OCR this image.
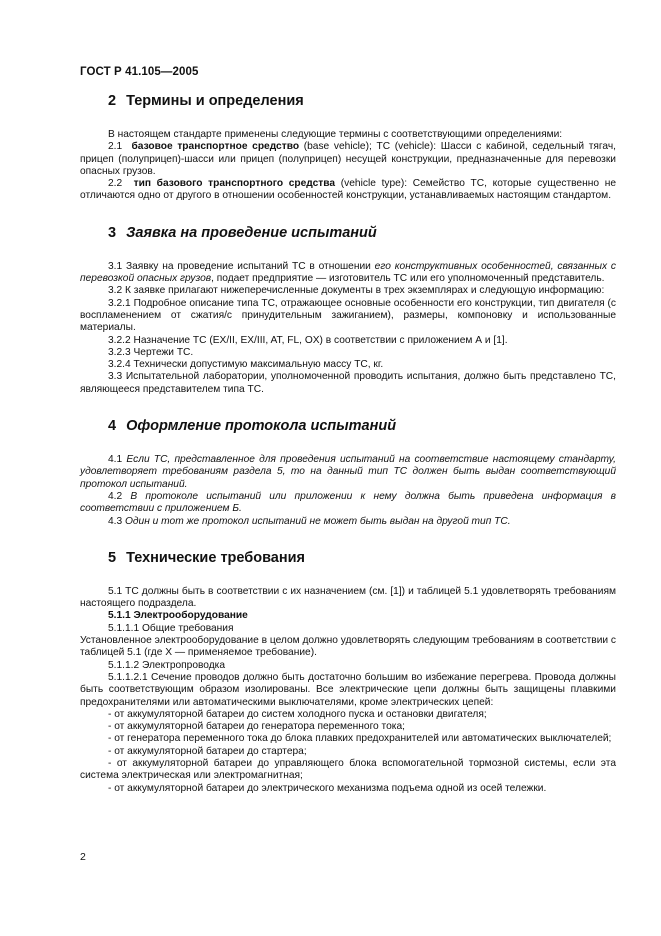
ГОСТ Р 41.105—2005
2 Термины и определения

В настоящем стандарте применены следующие термины с соответствующими определениями:

2.1 базовое транспортное средство (base vehicle); ТС (vehicle): Шасси с кабиной, седельный тягач, прицеп (полуприцеп)-шасси или прицеп (полуприцеп) несущей конструкции, предназначенные для перевозки опасных грузов.

2.2 тип базового транспортного средства (vehicle type): Семейство ТС, которые существенно не отличаются одно от другого в отношении особенностей конструкции, устанавливаемых настоящим стандартом.

3 Заявка на проведение испытаний

3.1 Заявку на проведение испытаний ТС в отношении его конструктивных особенностей, связанных с перевозкой опасных грузов, подает предприятие — изготовитель ТС или его уполномоченный представитель.

3.2 К заявке прилагают нижеперечисленные документы в трех экземплярах и следующую информацию:

3.2.1 Подробное описание типа ТС, отражающее основные особенности его конструкции, тип двигателя (с воспламенением от сжатия/с принудительным зажиганием), размеры, компоновку и использованные материалы.

3.2.2 Назначение ТС (EX/II, EX/III, AT, FL, OX) в соответствии с приложением А и [1].

3.2.3 Чертежи ТС.

3.2.4 Технически допустимую максимальную массу ТС, кг.

3.3 Испытательной лаборатории, уполномоченной проводить испытания, должно быть представлено ТС, являющееся представителем типа ТС.

4 Оформление протокола испытаний

4.1 Если ТС, представленное для проведения испытаний на соответствие настоящему стандарту, удовлетворяет требованиям раздела 5, то на данный тип ТС должен быть выдан соответствующий протокол испытаний.

4.2 В протоколе испытаний или приложении к нему должна быть приведена информация в соответствии с приложением Б.

4.3 Один и тот же протокол испытаний не может быть выдан на другой тип ТС.

5 Технические требования

5.1 ТС должны быть в соответствии с их назначением (см. [1]) и таблицей 5.1 удовлетворять требованиям настоящего подраздела.

5.1.1 Электрооборудование

5.1.1.1 Общие требования

Установленное электрооборудование в целом должно удовлетворять следующим требованиям в соответствии с таблицей 5.1 (где X — применяемое требование).

5.1.1.2 Электропроводка

5.1.1.2.1 Сечение проводов должно быть достаточно большим во избежание перегрева. Провода должны быть соответствующим образом изолированы. Все электрические цепи должны быть защищены плавкими предохранителями или автоматическими выключателями, кроме электрических цепей:

- от аккумуляторной батареи до систем холодного пуска и остановки двигателя;

- от аккумуляторной батареи до генератора переменного тока;

- от генератора переменного тока до блока плавких предохранителей или автоматических выключателей;

- от аккумуляторной батареи до стартера;

- от аккумуляторной батареи до управляющего блока вспомогательной тормозной системы, если эта система электрическая или электромагнитная;

- от аккумуляторной батареи до электрического механизма подъема одной из осей тележки.

2
